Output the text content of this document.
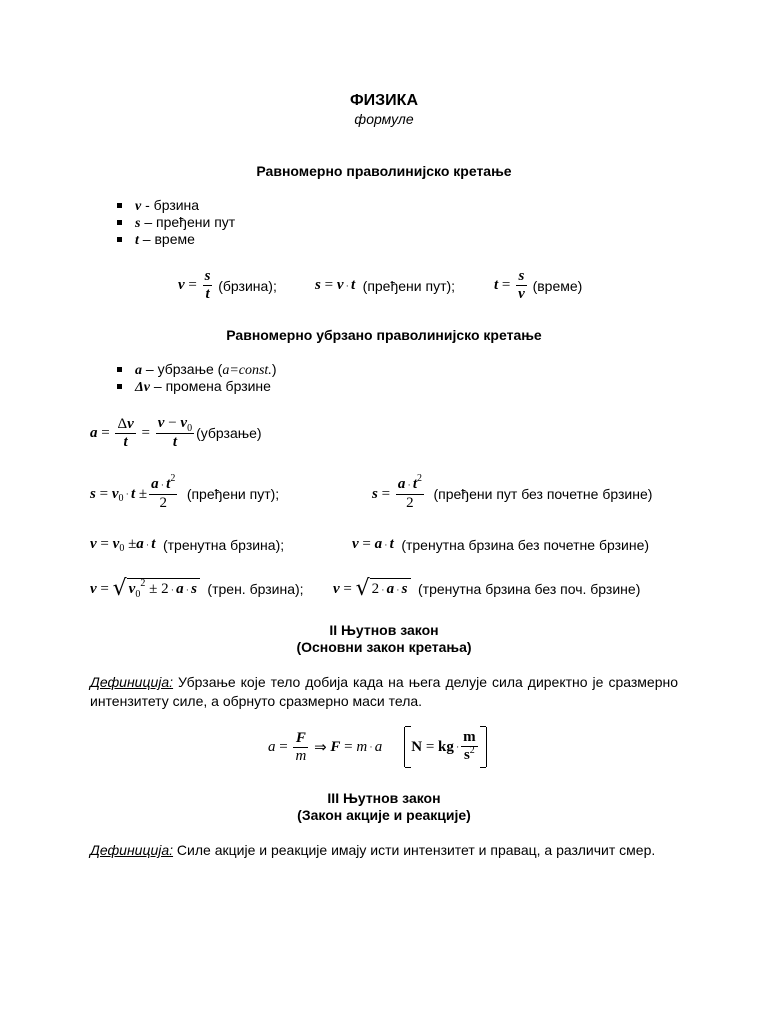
ФИЗИКА
формуле
Равномерно праволинијско кретање
v - брзина
s – пређени пут
t – време
$v = \frac{s}{t}$
(брзина);	s = v · t
(пређени пут);	$t = \frac{s}{v}$
(време)
Равномерно убрзано праволинијско кретање
a – убрзање (a=const.)
Δv – промена брзине
$a = \frac{\Delta v}{t} = \frac{v - v_0}{t}$ (убрзање)
s = v $0 \cdot t \pm \frac{a \cdot t^2}{2}$
(пређени пут);	$s = \frac{a \cdot t^2}{2}$
(пређени пут без почетне брзине)
v = v 0 ± a · t
(тренутна брзина);	v = a · t
(тренутна брзина без почетне брзине)
v = √ $v_0^2 \pm 2 \cdot a \cdot s$
(трен. брзина); v = √ 2 · a · s
(тренутна брзина без поч. брзине)
II Њутнов закон
(Основни закон кретања)
Дефиниција: Убрзање које тело добија када на њега делује сила директно је сразмерно интензитету силе, а обрнуто сразмерно маси тела.
$a = \frac{F}{m}$ ⇒ F = m · a N = kg · $\frac{m}{s^2}$
III Њутнов закон
(Закон акције и реакције)
Дефиниција: Силе акције и реакције имају исти интензитет и правац, а различит смер.
